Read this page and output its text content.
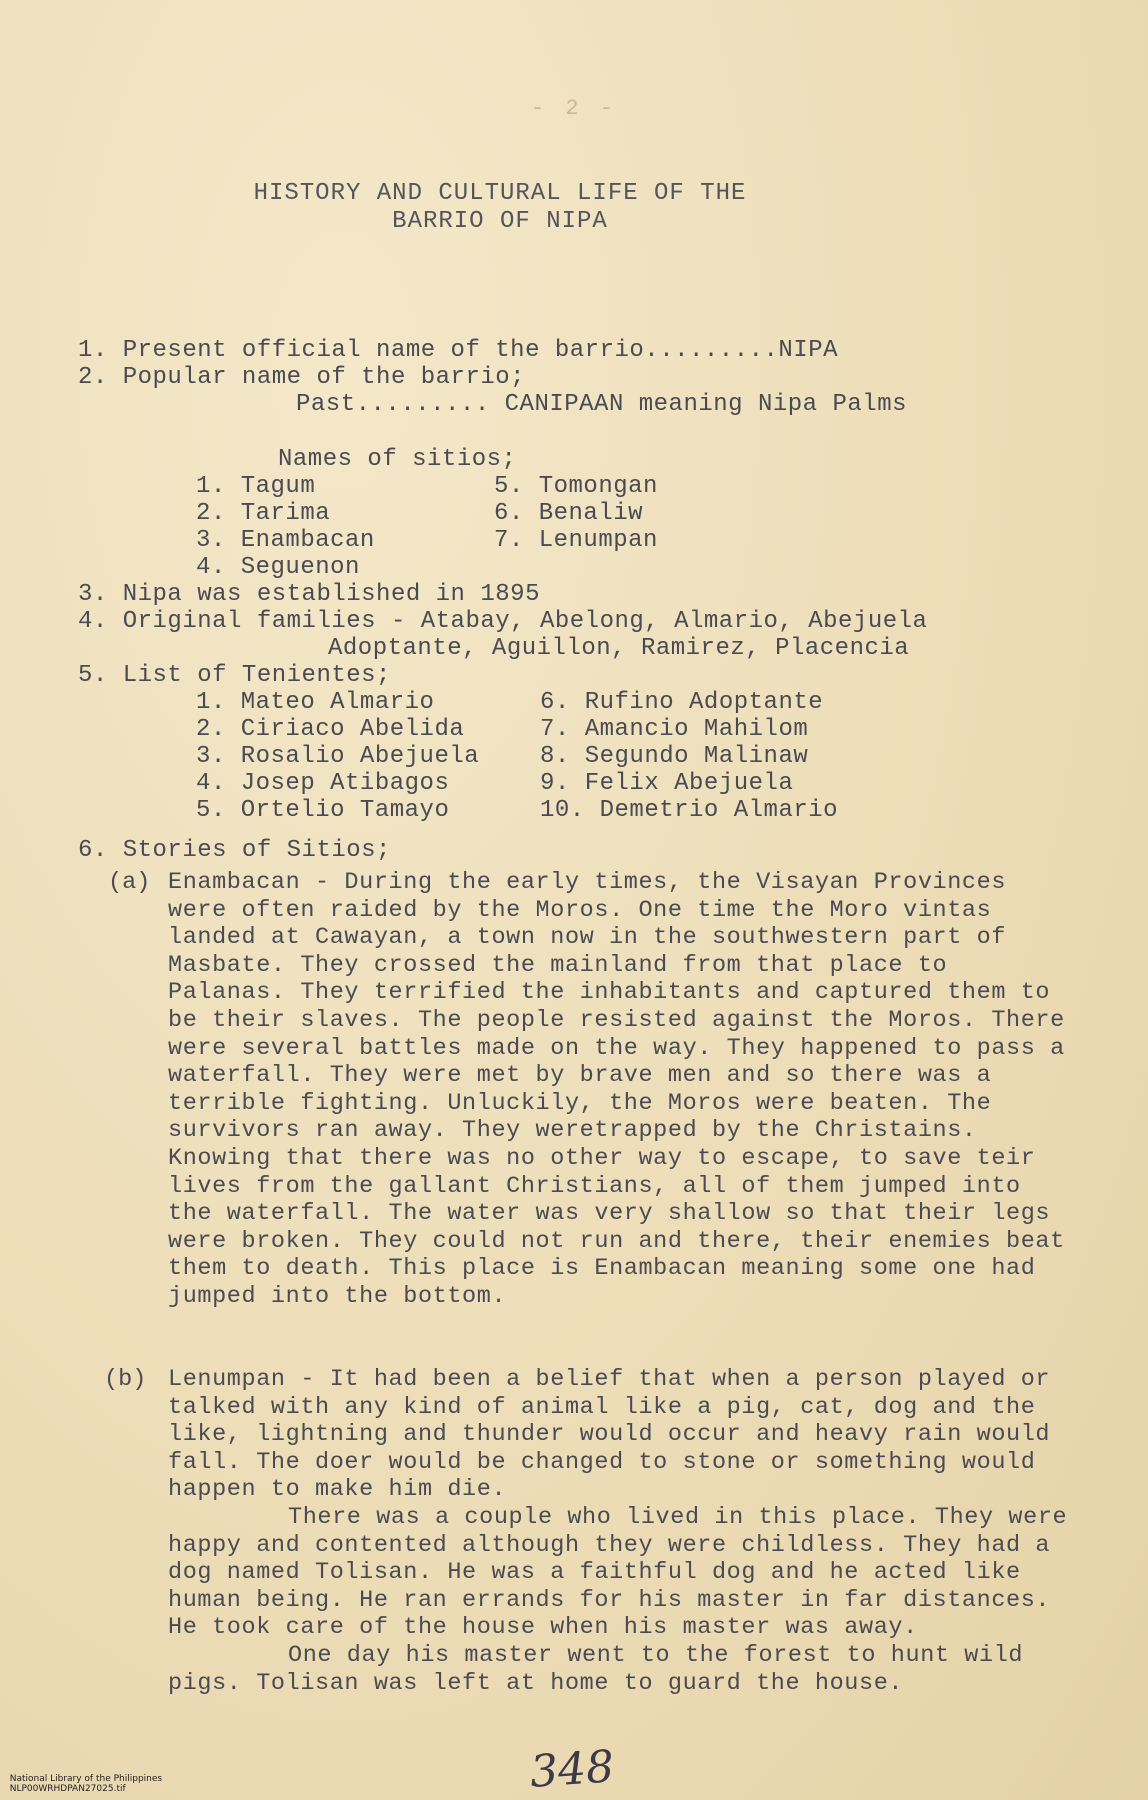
- 2 -
HISTORY AND CULTURAL LIFE OF THE
BARRIO OF NIPA
1. Present official name of the barrio.........NIPA
2. Popular name of the barrio;
Past......... CANIPAAN meaning Nipa Palms
Names of sitios;
1. Tagum
2. Tarima
3. Enambacan
4. Seguenon
5. Tomongan
6. Benaliw
7. Lenumpan
3. Nipa was established in 1895
4. Original families - Atabay, Abelong, Almario, Abejuela
Adoptante, Aguillon, Ramirez, Placencia
5. List of Tenientes;
1. Mateo Almario
2. Ciriaco Abelida
3. Rosalio Abejuela
4. Josep Atibagos
5. Ortelio Tamayo
6. Rufino Adoptante
7. Amancio Mahilom
8. Segundo Malinaw
9. Felix Abejuela
10. Demetrio Almario
6. Stories of Sitios;
(a) Enambacan - During the early times, the Visayan Provinces were often raided by the Moros. One time the Moro vintas landed at Cawayan, a town now in the southwestern part of Masbate. They crossed the mainland from that place to Palanas. They terrified the inhabitants and captured them to be their slaves. The people resisted against the Moros. There were several battles made on the way. They happened to pass a waterfall. They were met by brave men and so there was a terrible fighting. Unluckily, the Moros were beaten. The survivors ran away. They weretrapped by the Christains. Knowing that there was no other way to escape, to save teir lives from the gallant Christians, all of them jumped into the waterfall. The water was very shallow so that their legs were broken. They could not run and there, their enemies beat them to death. This place is Enambacan meaning some one had jumped into the bottom.

(b) Lenumpan - It had been a belief that when a person played or talked with any kind of animal like a pig, cat, dog and the like, lightning and thunder would occur and heavy rain would fall. The doer would be changed to stone or something would happen to make him die.

There was a couple who lived in this place. They were happy and contented although they were childless. They had a dog named Tolisan. He was a faithful dog and he acted like human being. He ran errands for his master in far distances. He took care of the house when his master was away.

One day his master went to the forest to hunt wild pigs. Tolisan was left at home to guard the house.

348

National Library of the Philippines
NLP00WRHDPAN27025.tif
